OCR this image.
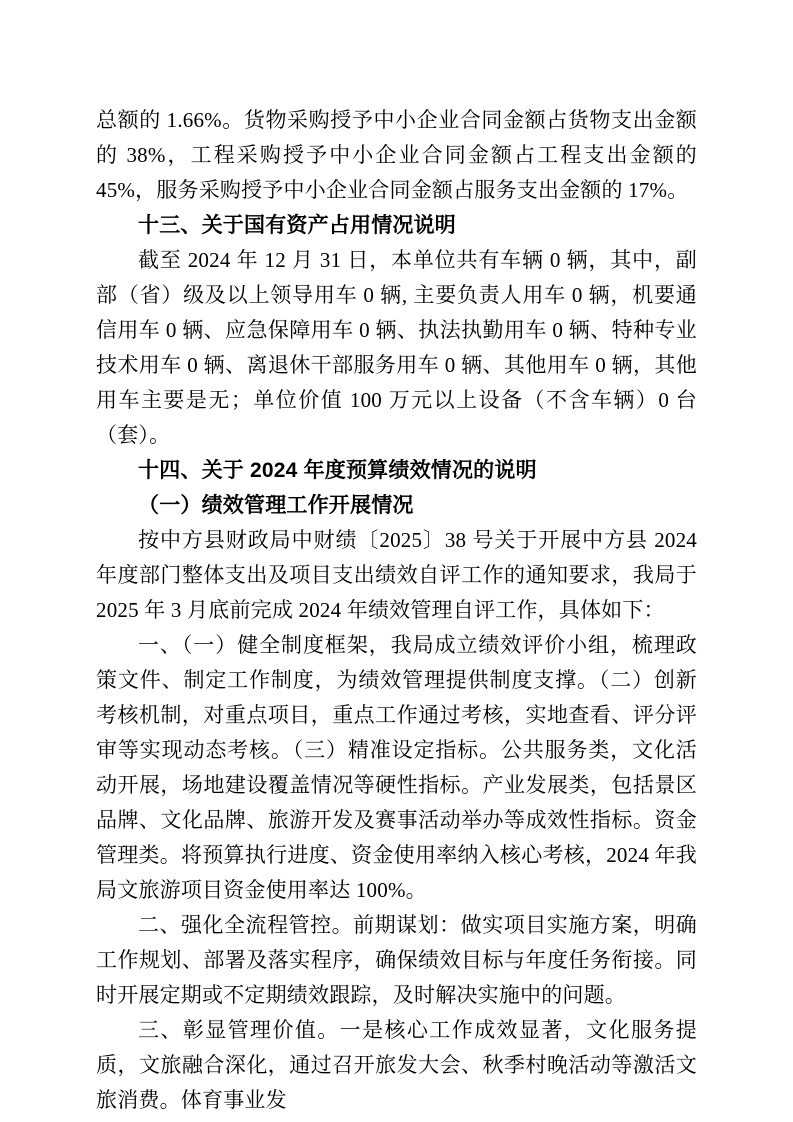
总额的 1.66%。货物采购授予中小企业合同金额占货物支出金额的 38%，工程采购授予中小企业合同金额占工程支出金额的 45%，服务采购授予中小企业合同金额占服务支出金额的 17%。

十三、关于国有资产占用情况说明

截至 2024 年 12 月 31 日，本单位共有车辆 0 辆，其中，副部（省）级及以上领导用车 0 辆, 主要负责人用车 0 辆，机要通信用车 0 辆、应急保障用车 0 辆、执法执勤用车 0 辆、特种专业技术用车 0 辆、离退休干部服务用车 0 辆、其他用车 0 辆，其他用车主要是无；单位价值 100 万元以上设备（不含车辆）0 台（套）。

十四、关于 2024 年度预算绩效情况的说明
（一）绩效管理工作开展情况

按中方县财政局中财绩〔2025〕38 号关于开展中方县 2024 年度部门整体支出及项目支出绩效自评工作的通知要求，我局于 2025 年 3 月底前完成 2024 年绩效管理自评工作，具体如下：

一、（一）健全制度框架，我局成立绩效评价小组，梳理政策文件、制定工作制度，为绩效管理提供制度支撑。（二）创新考核机制，对重点项目，重点工作通过考核，实地查看、评分评审等实现动态考核。（三）精准设定指标。公共服务类，文化活动开展，场地建设覆盖情况等硬性指标。产业发展类，包括景区品牌、文化品牌、旅游开发及赛事活动举办等成效性指标。资金管理类。将预算执行进度、资金使用率纳入核心考核，2024 年我局文旅游项目资金使用率达 100%。

二、强化全流程管控。前期谋划：做实项目实施方案，明确工作规划、部署及落实程序，确保绩效目标与年度任务衔接。同时开展定期或不定期绩效跟踪，及时解决实施中的问题。

三、彰显管理价值。一是核心工作成效显著，文化服务提质，文旅融合深化，通过召开旅发大会、秋季村晚活动等激活文旅消费。体育事业发
